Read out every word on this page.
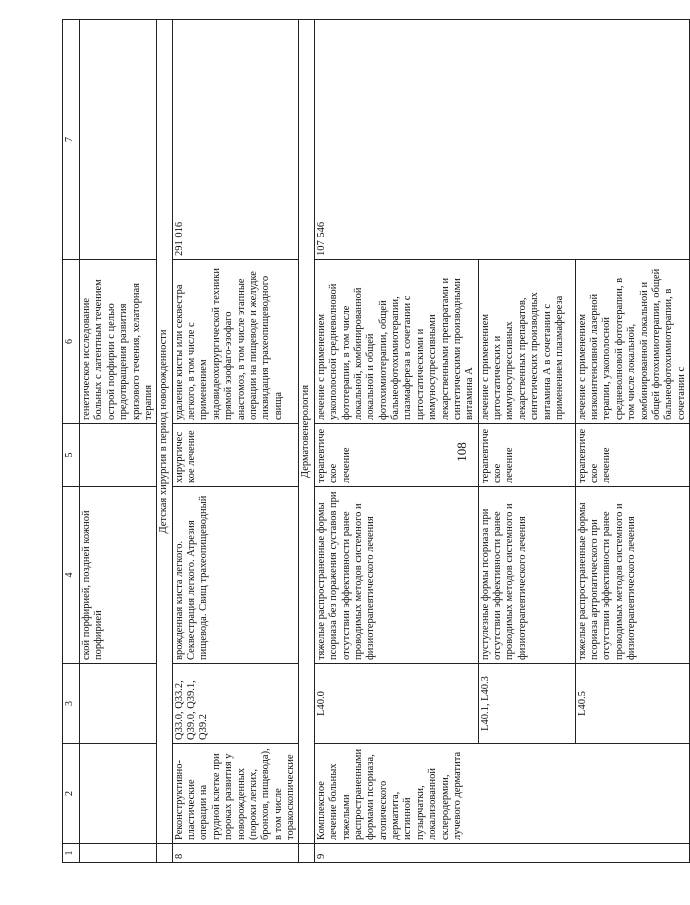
108
1	2	3	4	5	6	7
			ской порфирией, поздней кожной порфирией		генетическое исследование больных с латентным течением острой порфирии с целью предотвращения развития кризового течения, хелаторная терапия	
	Детская хирургия в период новорожденности					
8	Реконструктивно-пластические операции на грудной клетке при пороках развития у новорожденных (пороки легких, бронхов, пищевода), в том числе торакоскопические	Q33.0, Q33.2, Q39.0, Q39.1, Q39.2	врожденная киста легкого. Секвестрация легкого. Атрезия пищевода. Свищ трахеопищеводный	хирургическое лечение	удаление кисты или секвестра легкого, в том числе с применением эндовидеохирургической техники прямой эзофаго-эзофаго анастомоз, в том числе этапные операции на пищеводе и желудке ликвидация трахеопищеводного свища	291 016
	Дерматовенерология					
9	Комплексное лечение больных тяжелыми распространенными формами псориаза, атопического дерматита, истинной пузырчатки, локализованной склеродермии, лучевого дерматита	L40.0	тяжелые распространенные формы псориаза без поражения суставов при отсутствии эффективности ранее проводимых методов системного и физиотерапевтического лечения	терапевтическое лечение	лечение с применением узкополосной средневолновой фототерапии, в том числе локальной, комбинированной локальной и общей фотохимиотерапии, общей бальнеофотохимиотерапии, плазмафереза в сочетании с цитостатическими и иммуносупрессивными лекарственными препаратами и синтетическими производными витамина А	107 546
		L40.1, L40.3	пустулезные формы псориаза при отсутствии эффективности ранее проводимых методов системного и физиотерапевтического лечения	терапевтическое лечение	лечение с применением цитостатических и иммуносупрессивных лекарственных препаратов, синтетических производных витамина А в сочетании с применением плазмафереза	
		L40.5	тяжелые распространенные формы псориаза артропатического при отсутствии эффективности ранее проводимых методов системного и физиотерапевтического лечения	терапевтическое лечение	лечение с применением низкоинтенсивной лазерной терапии, узкополосной средневолновой фототерапии, в том числе локальной, комбинированной локальной и общей фотохимиотерапии, общей бальнеофотохимиотерапии, в сочетании с	
